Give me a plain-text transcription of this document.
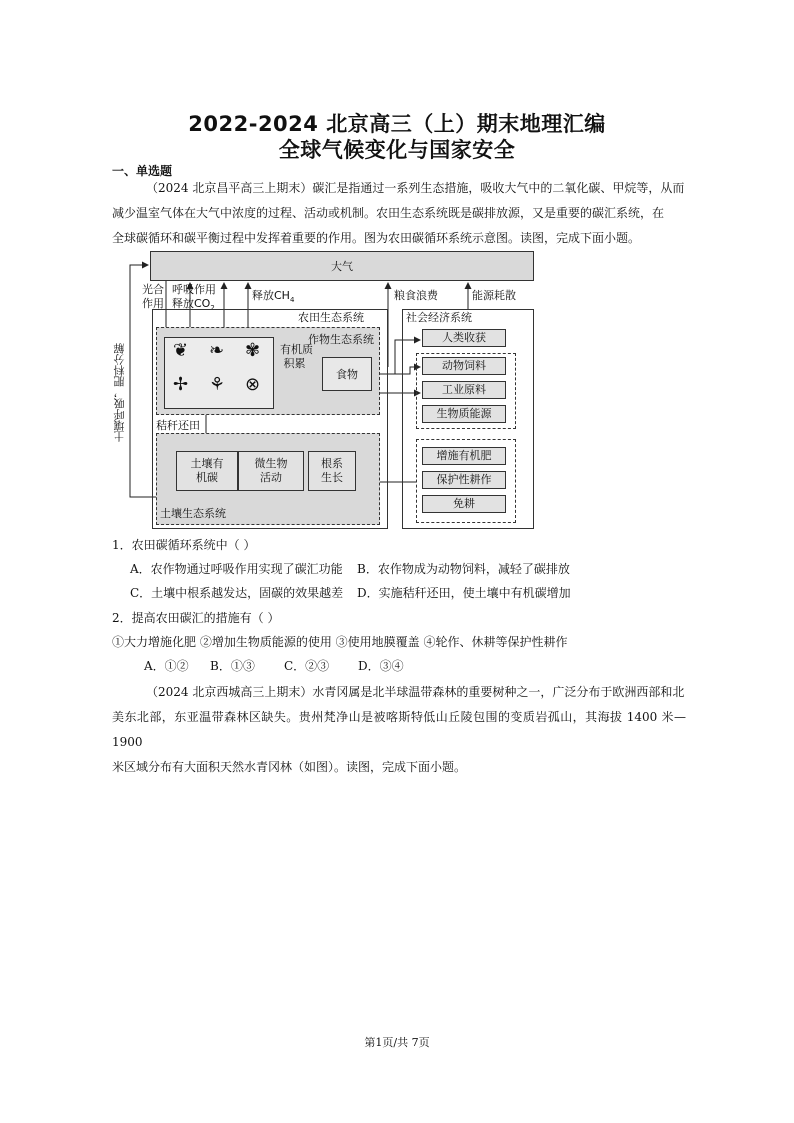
2022-2024 北京高三（上）期末地理汇编
全球气候变化与国家安全
一、单选题
（2024 北京昌平高三上期末）碳汇是指通过一系列生态措施，吸收大气中的二氧化碳、甲烷等，从而
减少温室气体在大气中浓度的过程、活动或机制。农田生态系统既是碳排放源，又是重要的碳汇系统，在
全球碳循环和碳平衡过程中发挥着重要的作用。图为农田碳循环系统示意图。读图，完成下面小题。
大气
光合
作用
呼吸作用
释放$CO_2$
释放$CH_4$	粮食浪费	能源耗散
土壤呼吸，肥料分解
农田生态系统
作物生态系统
❦ ❧ ✾
✢ ⚘ ⊗
有机质
积累
食物
秸秆还田
土壤有
机碳
微生物
活动
根系
生长
土壤生态系统
社会经济系统
人类收获
动物饲料
工业原料
生物质能源
增施有机肥
保护性耕作
免耕
1．农田碳循环系统中（ ）
A．农作物通过呼吸作用实现了碳汇功能 B．农作物成为动物饲料，减轻了碳排放
C．土壤中根系越发达，固碳的效果越差 D．实施秸秆还田，使土壤中有机碳增加
2．提高农田碳汇的措施有（ ）
①大力增施化肥 ②增加生物质能源的使用 ③使用地膜覆盖 ④轮作、休耕等保护性耕作
A．①② B．①③ C．②③ D．③④
（2024 北京西城高三上期末）水青冈属是北半球温带森林的重要树种之一，广泛分布于欧洲西部和北
美东北部，东亚温带森林区缺失。贵州梵净山是被喀斯特低山丘陵包围的变质岩孤山，其海拔 1400 米—1900
米区域分布有大面积天然水青冈林（如图）。读图，完成下面小题。
第1页/共 7页
